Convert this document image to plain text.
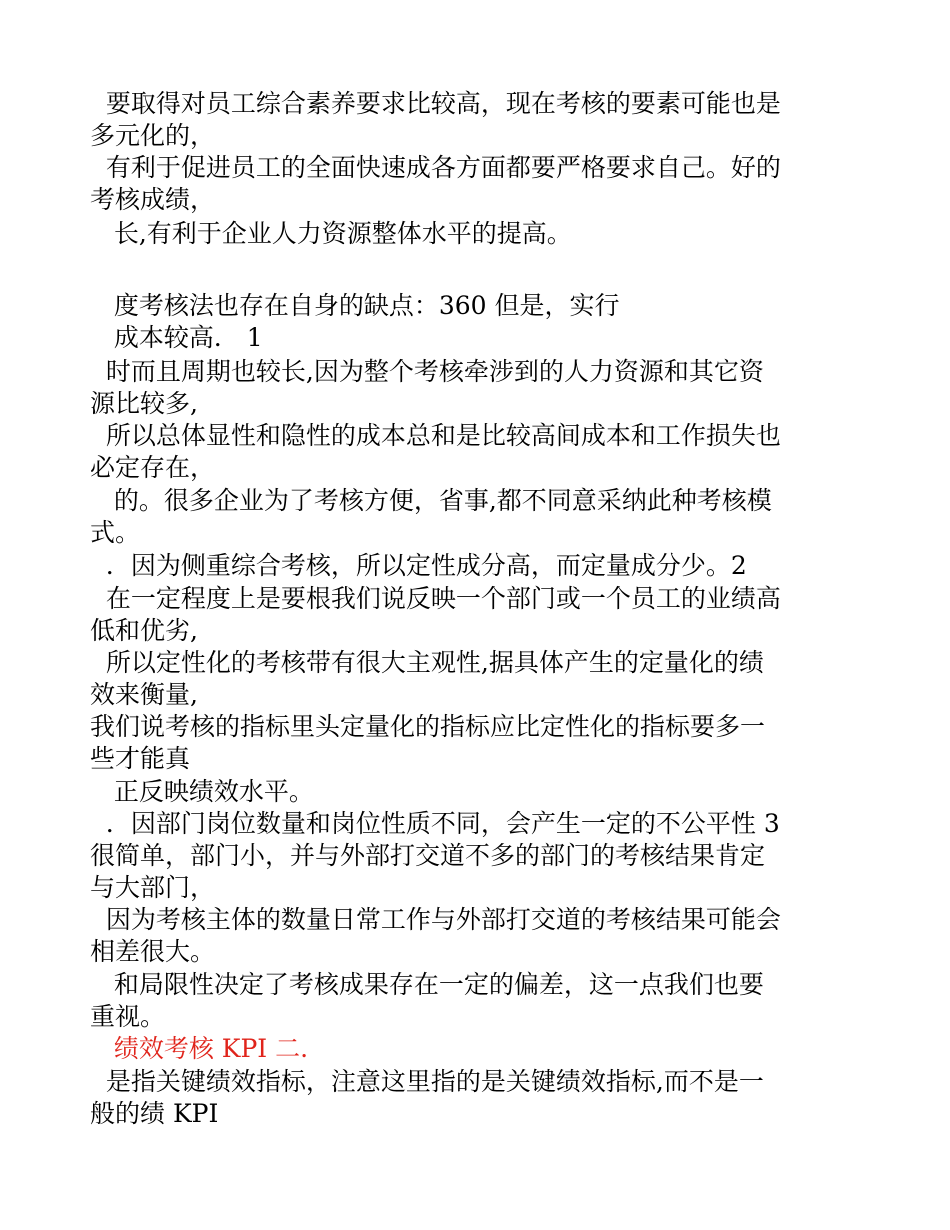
要取得对员工综合素养要求比较高，现在考核的要素可能也是

多元化的，

有利于促进员工的全面快速成各方面都要严格要求自己。好的

考核成绩，

长,有利于企业人力资源整体水平的提高。

度考核法也存在自身的缺点：360 但是，实行

成本较高． 1

时而且周期也较长,因为整个考核牵涉到的人力资源和其它资

源比较多,

所以总体显性和隐性的成本总和是比较高间成本和工作损失也

必定存在，

的。很多企业为了考核方便，省事,都不同意采纳此种考核模

式。

．因为侧重综合考核，所以定性成分高，而定量成分少。2

在一定程度上是要根我们说反映一个部门或一个员工的业绩高

低和优劣,

所以定性化的考核带有很大主观性,据具体产生的定量化的绩

效来衡量,

我们说考核的指标里头定量化的指标应比定性化的指标要多一

些才能真

正反映绩效水平。

．因部门岗位数量和岗位性质不同，会产生一定的不公平性 3

很简单，部门小，并与外部打交道不多的部门的考核结果肯定

与大部门，

因为考核主体的数量日常工作与外部打交道的考核结果可能会

相差很大。

和局限性决定了考核成果存在一定的偏差，这一点我们也要

重视。

绩效考核 KPI 二.

是指关键绩效指标，注意这里指的是关键绩效指标,而不是一

般的绩 KPI
